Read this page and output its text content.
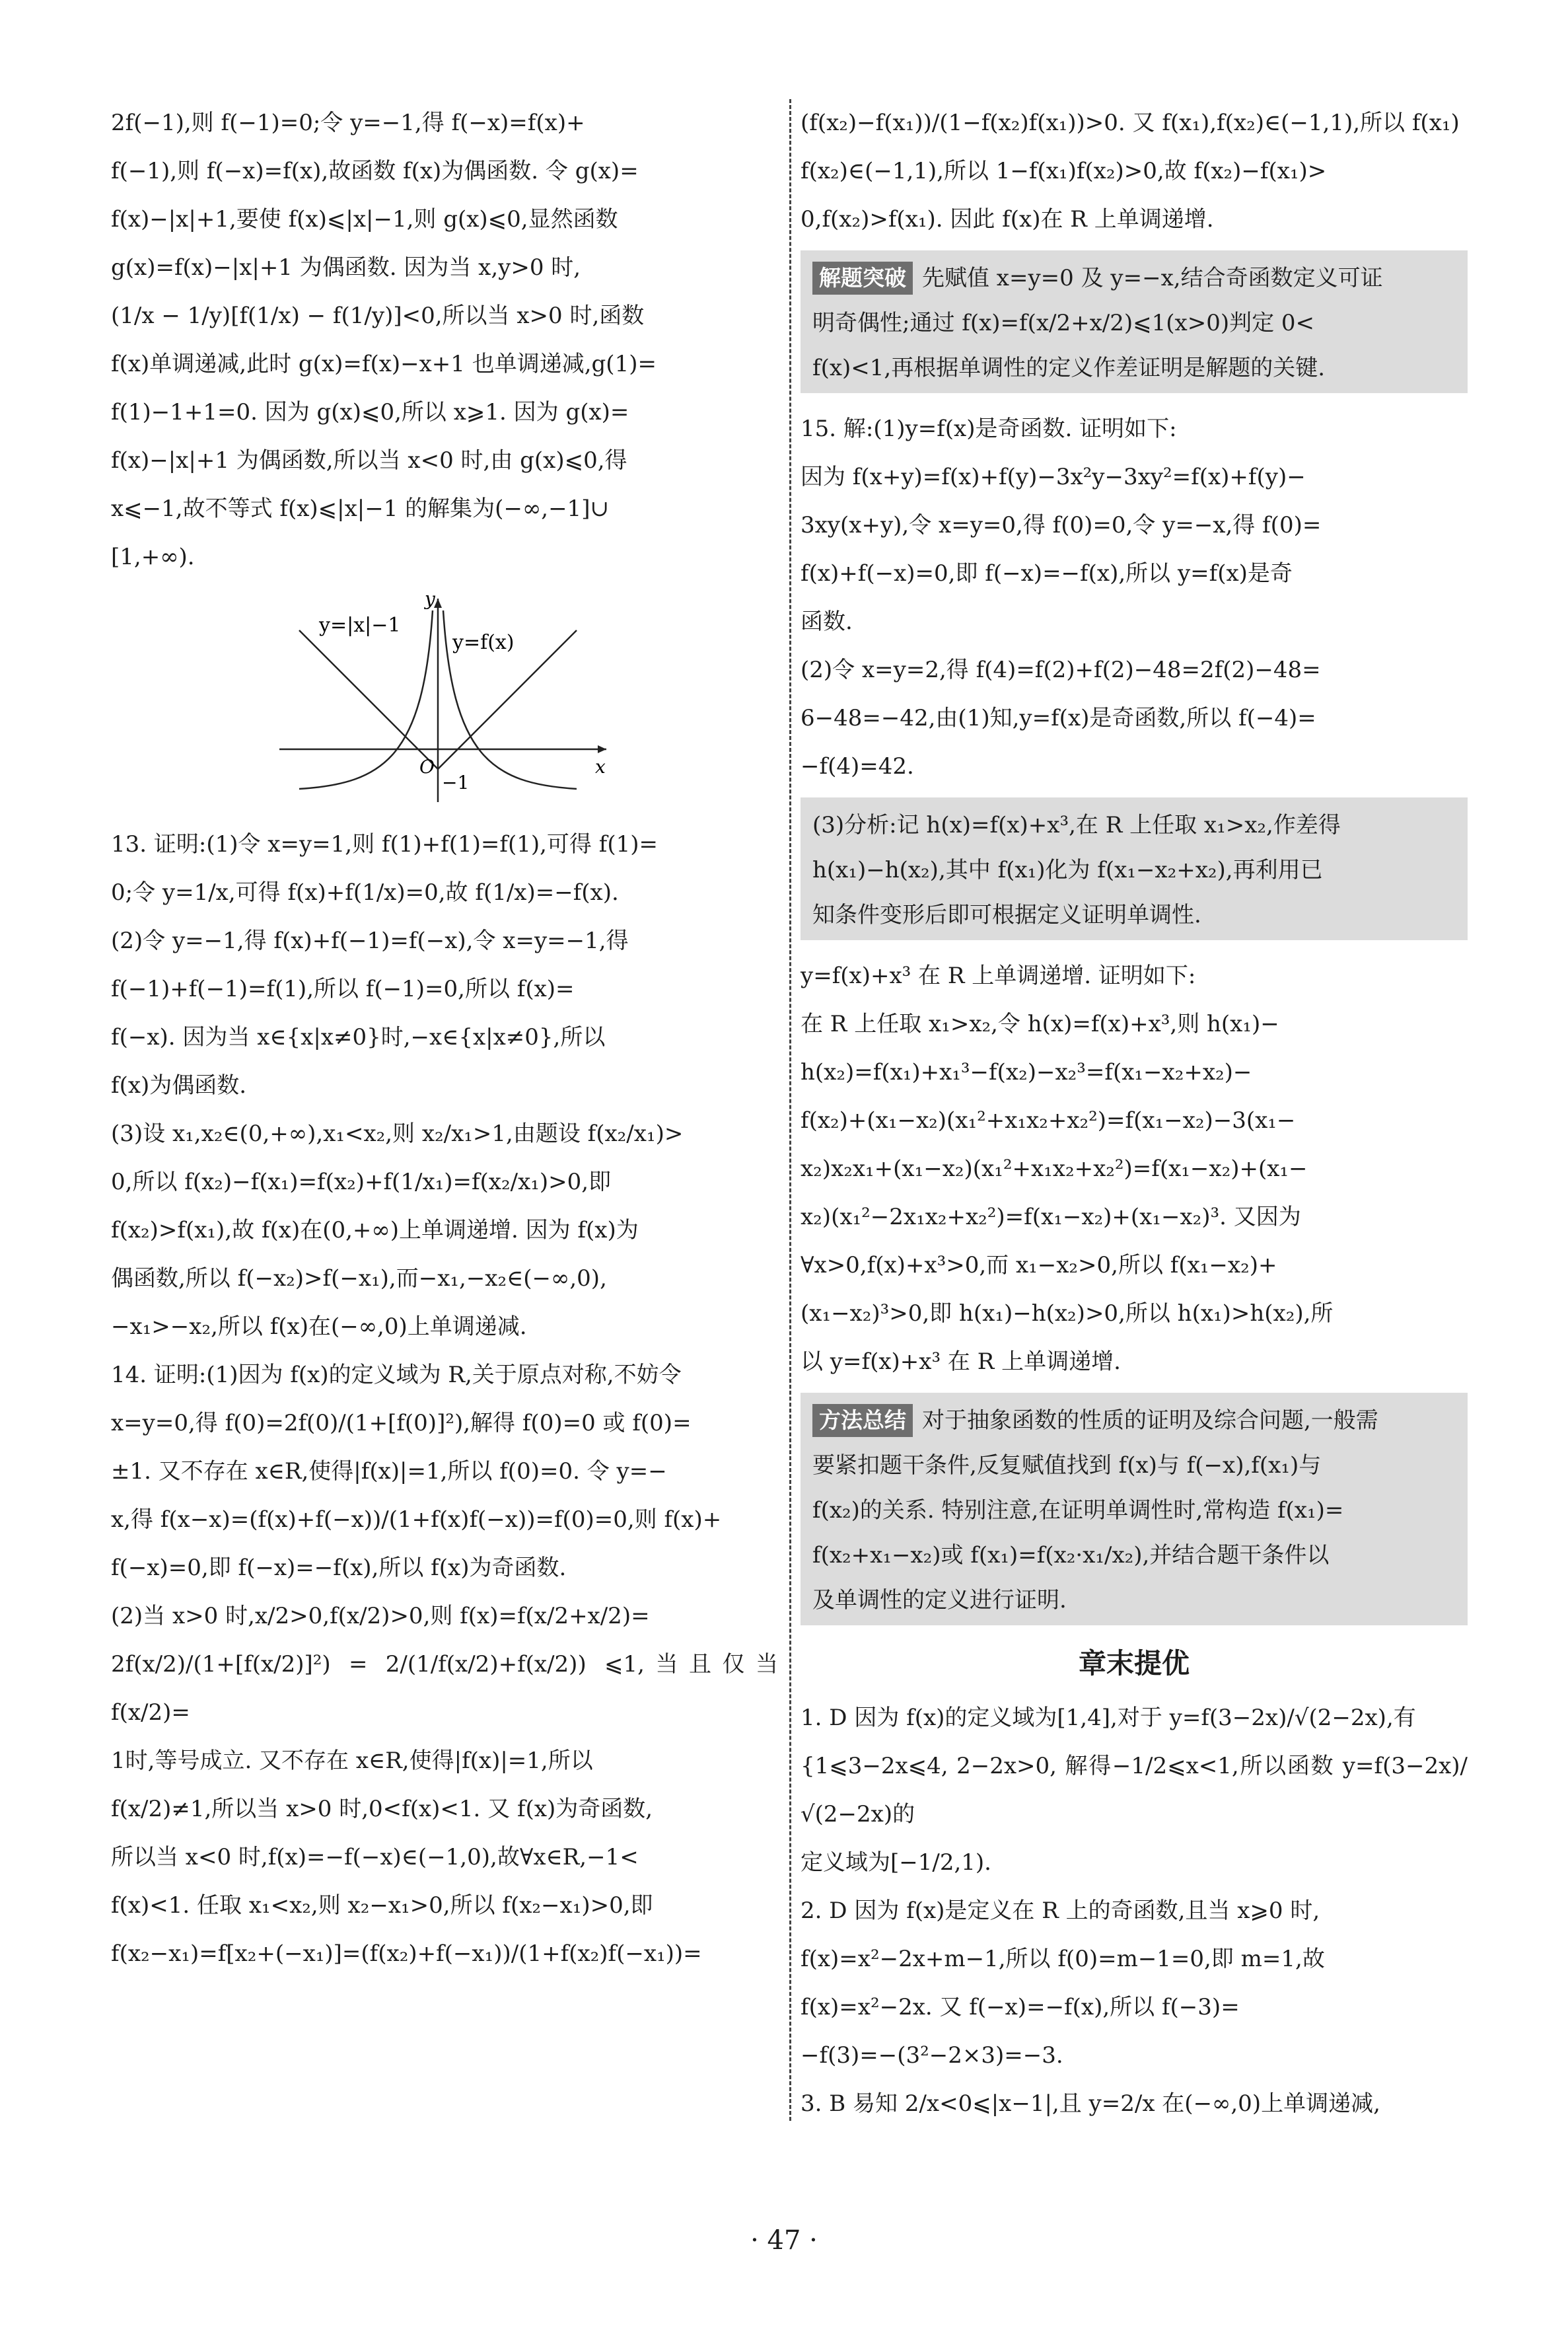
2f(−1),则 f(−1)=0;令 y=−1,得 f(−x)=f(x)+

f(−1),则 f(−x)=f(x),故函数 f(x)为偶函数. 令 g(x)=

f(x)−|x|+1,要使 f(x)⩽|x|−1,则 g(x)⩽0,显然函数

g(x)=f(x)−|x|+1 为偶函数. 因为当 x,y>0 时,

(1/x − 1/y)[f(1/x) − f(1/y)]<0,所以当 x>0 时,函数

f(x)单调递减,此时 g(x)=f(x)−x+1 也单调递减,g(1)=

f(1)−1+1=0. 因为 g(x)⩽0,所以 x⩾1. 因为 g(x)=

f(x)−|x|+1 为偶函数,所以当 x<0 时,由 g(x)⩽0,得

x⩽−1,故不等式 f(x)⩽|x|−1 的解集为(−∞,−1]∪

[1,+∞).

y=|x|−1
y=f(x)
y
x
O
−1

13. 证明:(1)令 x=y=1,则 f(1)+f(1)=f(1),可得 f(1)=

0;令 y=1/x,可得 f(x)+f(1/x)=0,故 f(1/x)=−f(x).

(2)令 y=−1,得 f(x)+f(−1)=f(−x),令 x=y=−1,得

f(−1)+f(−1)=f(1),所以 f(−1)=0,所以 f(x)=

f(−x). 因为当 x∈{x|x≠0}时,−x∈{x|x≠0},所以

f(x)为偶函数.

(3)设 x₁,x₂∈(0,+∞),x₁<x₂,则 x₂/x₁>1,由题设 f(x₂/x₁)>

0,所以 f(x₂)−f(x₁)=f(x₂)+f(1/x₁)=f(x₂/x₁)>0,即

f(x₂)>f(x₁),故 f(x)在(0,+∞)上单调递增. 因为 f(x)为

偶函数,所以 f(−x₂)>f(−x₁),而−x₁,−x₂∈(−∞,0),

−x₁>−x₂,所以 f(x)在(−∞,0)上单调递减.

14. 证明:(1)因为 f(x)的定义域为 R,关于原点对称,不妨令

x=y=0,得 f(0)=2f(0)/(1+[f(0)]²),解得 f(0)=0 或 f(0)=

±1. 又不存在 x∈R,使得|f(x)|=1,所以 f(0)=0. 令 y=−

x,得 f(x−x)=(f(x)+f(−x))/(1+f(x)f(−x))=f(0)=0,则 f(x)+

f(−x)=0,即 f(−x)=−f(x),所以 f(x)为奇函数.

(2)当 x>0 时,x/2>0,f(x/2)>0,则 f(x)=f(x/2+x/2)=

2f(x/2)/(1+[f(x/2)]²) = 2/(1/f(x/2)+f(x/2)) ⩽1,当且仅当 f(x/2)=

1时,等号成立. 又不存在 x∈R,使得|f(x)|=1,所以

f(x/2)≠1,所以当 x>0 时,0<f(x)<1. 又 f(x)为奇函数,

所以当 x<0 时,f(x)=−f(−x)∈(−1,0),故∀x∈R,−1<

f(x)<1. 任取 x₁<x₂,则 x₂−x₁>0,所以 f(x₂−x₁)>0,即

f(x₂−x₁)=f[x₂+(−x₁)]=(f(x₂)+f(−x₁))/(1+f(x₂)f(−x₁))=

(f(x₂)−f(x₁))/(1−f(x₂)f(x₁))>0. 又 f(x₁),f(x₂)∈(−1,1),所以 f(x₁)

f(x₂)∈(−1,1),所以 1−f(x₁)f(x₂)>0,故 f(x₂)−f(x₁)>

0,f(x₂)>f(x₁). 因此 f(x)在 R 上单调递增.

解题突破 先赋值 x=y=0 及 y=−x,结合奇函数定义可证

明奇偶性;通过 f(x)=f(x/2+x/2)⩽1(x>0)判定 0<

f(x)<1,再根据单调性的定义作差证明是解题的关键.

15. 解:(1)y=f(x)是奇函数. 证明如下:

因为 f(x+y)=f(x)+f(y)−3x²y−3xy²=f(x)+f(y)−

3xy(x+y),令 x=y=0,得 f(0)=0,令 y=−x,得 f(0)=

f(x)+f(−x)=0,即 f(−x)=−f(x),所以 y=f(x)是奇

函数.

(2)令 x=y=2,得 f(4)=f(2)+f(2)−48=2f(2)−48=

6−48=−42,由(1)知,y=f(x)是奇函数,所以 f(−4)=

−f(4)=42.

(3)分析:记 h(x)=f(x)+x³,在 R 上任取 x₁>x₂,作差得

h(x₁)−h(x₂),其中 f(x₁)化为 f(x₁−x₂+x₂),再利用已

知条件变形后即可根据定义证明单调性.

y=f(x)+x³ 在 R 上单调递增. 证明如下:

在 R 上任取 x₁>x₂,令 h(x)=f(x)+x³,则 h(x₁)−

h(x₂)=f(x₁)+x₁³−f(x₂)−x₂³=f(x₁−x₂+x₂)−

f(x₂)+(x₁−x₂)(x₁²+x₁x₂+x₂²)=f(x₁−x₂)−3(x₁−

x₂)x₂x₁+(x₁−x₂)(x₁²+x₁x₂+x₂²)=f(x₁−x₂)+(x₁−

x₂)(x₁²−2x₁x₂+x₂²)=f(x₁−x₂)+(x₁−x₂)³. 又因为

∀x>0,f(x)+x³>0,而 x₁−x₂>0,所以 f(x₁−x₂)+

(x₁−x₂)³>0,即 h(x₁)−h(x₂)>0,所以 h(x₁)>h(x₂),所

以 y=f(x)+x³ 在 R 上单调递增.

方法总结 对于抽象函数的性质的证明及综合问题,一般需

要紧扣题干条件,反复赋值找到 f(x)与 f(−x),f(x₁)与

f(x₂)的关系. 特别注意,在证明单调性时,常构造 f(x₁)=

f(x₂+x₁−x₂)或 f(x₁)=f(x₂·x₁/x₂),并结合题干条件以

及单调性的定义进行证明.

章末提优

1. D 因为 f(x)的定义域为[1,4],对于 y=f(3−2x)/√(2−2x),有

{1⩽3−2x⩽4, 2−2x>0, 解得−1/2⩽x<1,所以函数 y=f(3−2x)/√(2−2x)的

定义域为[−1/2,1).

2. D 因为 f(x)是定义在 R 上的奇函数,且当 x⩾0 时,

f(x)=x²−2x+m−1,所以 f(0)=m−1=0,即 m=1,故

f(x)=x²−2x. 又 f(−x)=−f(x),所以 f(−3)=

−f(3)=−(3²−2×3)=−3.

3. B 易知 2/x<0⩽|x−1|,且 y=2/x 在(−∞,0)上单调递减,

· 47 ·
